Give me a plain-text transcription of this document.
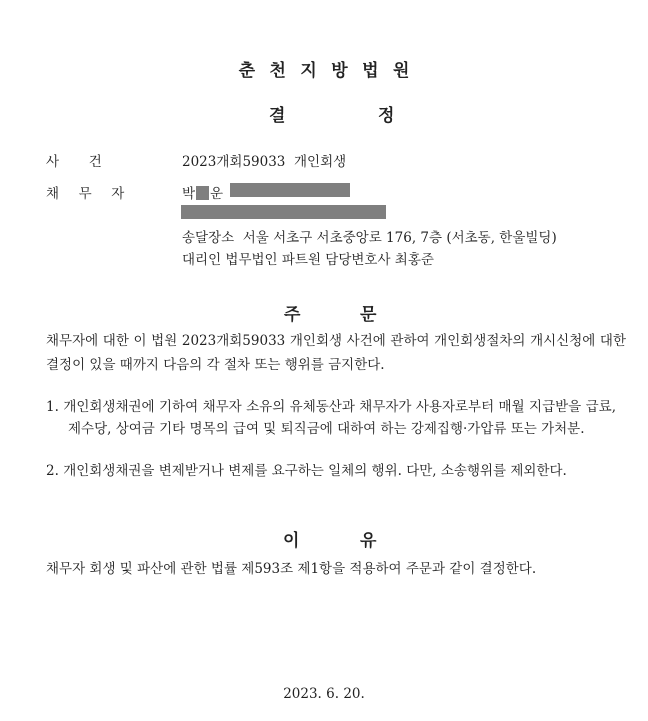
춘천지방법원
결	정
사건	2023개회59033 개인회생
채무자	박 운
송달장소 서울 서초구 서초중앙로 176, 7층 (서초동, 한울빌딩)
대리인 법무법인 파트원 담당변호사 최홍준
주	문
채무자에 대한 이 법원 2023개회59033 개인회생 사건에 관하여 개인회생절차의 개시신청에 대한 결정이 있을 때까지 다음의 각 절차 또는 행위를 금지한다.
1. 개인회생채권에 기하여 채무자 소유의 유체동산과 채무자가 사용자로부터 매월 지급받을 급료, 제수당, 상여금 기타 명목의 급여 및 퇴직금에 대하여 하는 강제집행·가압류 또는 가처분.
2. 개인회생채권을 변제받거나 변제를 요구하는 일체의 행위. 다만, 소송행위를 제외한다.
이	유
채무자 회생 및 파산에 관한 법률 제593조 제1항을 적용하여 주문과 같이 결정한다.
2023. 6. 20.
